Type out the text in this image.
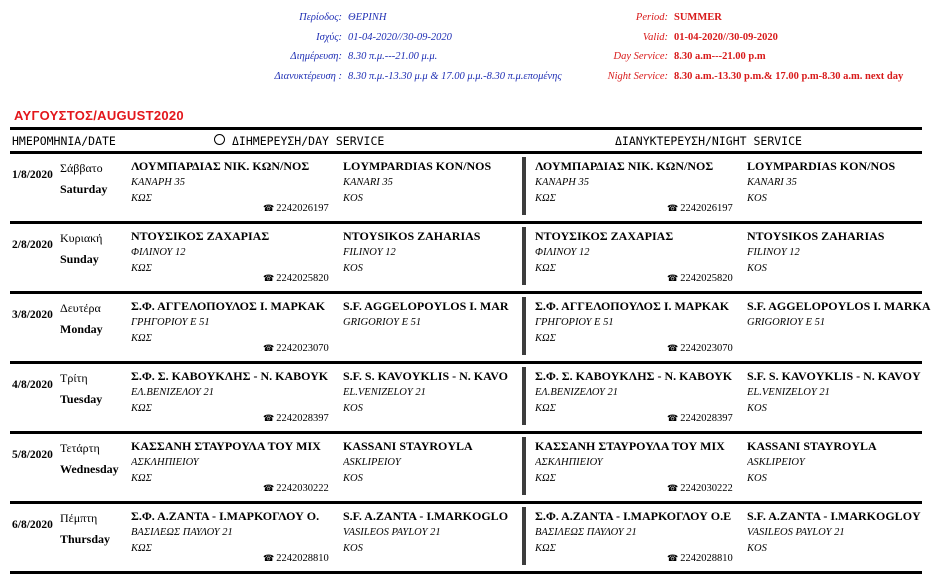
Περίοδος: ΘΕΡΙΝΗ
Ισχύς: 01-04-2020//30-09-2020
Διημέρευση: 8.30 π.μ.---21.00 μ.μ.
Διανυκτέρευση : 8.30 π.μ.-13.30 μ.μ & 17.00 μ.μ.-8.30 π.μ.επομένης
Period: SUMMER
Valid: 01-04-2020//30-09-2020
Day Service: 8.30 a.m---21.00 p.m
Night Service: 8.30 a.m.-13.30 p.m.& 17.00 p.m-8.30 a.m. next day
ΑΥΓΟΥΣΤΟΣ/AUGUST2020
ΗΜΕΡΟΜΗΝΙΑ/DATE	ΔΙΗΜΕΡΕΥΣΗ/DAY SERVICE	ΔΙΑΝΥΚΤΕΡΕΥΣΗ/NIGHT SERVICE
1/8/2020 Σάββατο
Saturday
ΛΟΥΜΠΑΡΔΙΑΣ ΝΙΚ. ΚΩΝ/ΝΟΣ
ΚΑΝΑΡΗ 35
ΚΩΣ
LOYMPARDIAS KON/NOS
KANARI 35
KOS
☎ 2242026197
ΛΟΥΜΠΑΡΔΙΑΣ ΝΙΚ. ΚΩΝ/ΝΟΣ
ΚΑΝΑΡΗ 35
ΚΩΣ
LOYMPARDIAS KON/NOS
KANARI 35
KOS
☎ 2242026197
2/8/2020 Κυριακή
Sunday
ΝΤΟΥΣΙΚΟΣ ΖΑΧΑΡΙΑΣ
ΦΙΛΙΝΟΥ 12
ΚΩΣ
NTOYSIKOS ZAHARIAS
FILINOY 12
KOS
☎ 2242025820
ΝΤΟΥΣΙΚΟΣ ΖΑΧΑΡΙΑΣ
ΦΙΛΙΝΟΥ 12
ΚΩΣ
NTOYSIKOS ZAHARIAS
FILINOY 12
KOS
☎ 2242025820
3/8/2020 Δευτέρα
Monday
Σ.Φ. ΑΓΓΕΛΟΠΟΥΛΟΣ Ι. ΜΑΡΚΑΚ
ΓΡΗΓΟΡΙΟΥ Ε 51
ΚΩΣ
S.F. AGGELOPOYLOS I. MAR
GRIGORIOY E 51
☎ 2242023070
Σ.Φ. ΑΓΓΕΛΟΠΟΥΛΟΣ Ι. ΜΑΡΚΑΚ
ΓΡΗΓΟΡΙΟΥ Ε 51
ΚΩΣ
S.F. AGGELOPOYLOS I. MARKA
GRIGORIOY E 51
☎ 2242023070
4/8/2020 Τρίτη
Tuesday
Σ.Φ. Σ. ΚΑΒΟΥΚΛΗΣ - Ν. ΚΑΒΟΥΚ
ΕΛ.ΒΕΝΙΖΕΛΟΥ 21
ΚΩΣ
S.F. S. KAVOYKLIS - N. KAVO
EL.VENIZELOY 21
KOS
☎ 2242028397
Σ.Φ. Σ. ΚΑΒΟΥΚΛΗΣ - Ν. ΚΑΒΟΥΚ
ΕΛ.ΒΕΝΙΖΕΛΟΥ 21
ΚΩΣ
S.F. S. KAVOYKLIS - N. KAVOY
EL.VENIZELOY 21
KOS
☎ 2242028397
5/8/2020 Τετάρτη
Wednesday
ΚΑΣΣΑΝΗ ΣΤΑΥΡΟΥΛΑ ΤΟΥ ΜΙΧ
ΑΣΚΛΗΠΙΕΙΟΥ
ΚΩΣ
KASSANI STAYROYLA
ASKLIPEIOY
KOS
☎ 2242030222
ΚΑΣΣΑΝΗ ΣΤΑΥΡΟΥΛΑ ΤΟΥ ΜΙΧ
ΑΣΚΛΗΠΙΕΙΟΥ
ΚΩΣ
KASSANI STAYROYLA
ASKLIPEIOY
KOS
☎ 2242030222
6/8/2020 Πέμπτη
Thursday
Σ.Φ. Α.ΖΑΝΤΑ - Ι.ΜΑΡΚΟΓΛΟΥ Ο.
ΒΑΣΙΛΕΩΣ ΠΑΥΛΟΥ 21
ΚΩΣ
S.F. A.ZANTA - I.MARKOGLO
VASILEOS PAYLOY 21
KOS
☎ 2242028810
Σ.Φ. Α.ΖΑΝΤΑ - Ι.ΜΑΡΚΟΓΛΟΥ Ο.Ε
ΒΑΣΙΛΕΩΣ ΠΑΥΛΟΥ 21
ΚΩΣ
S.F. A.ZANTA - I.MARKOGLOY
VASILEOS PAYLOY 21
KOS
☎ 2242028810
